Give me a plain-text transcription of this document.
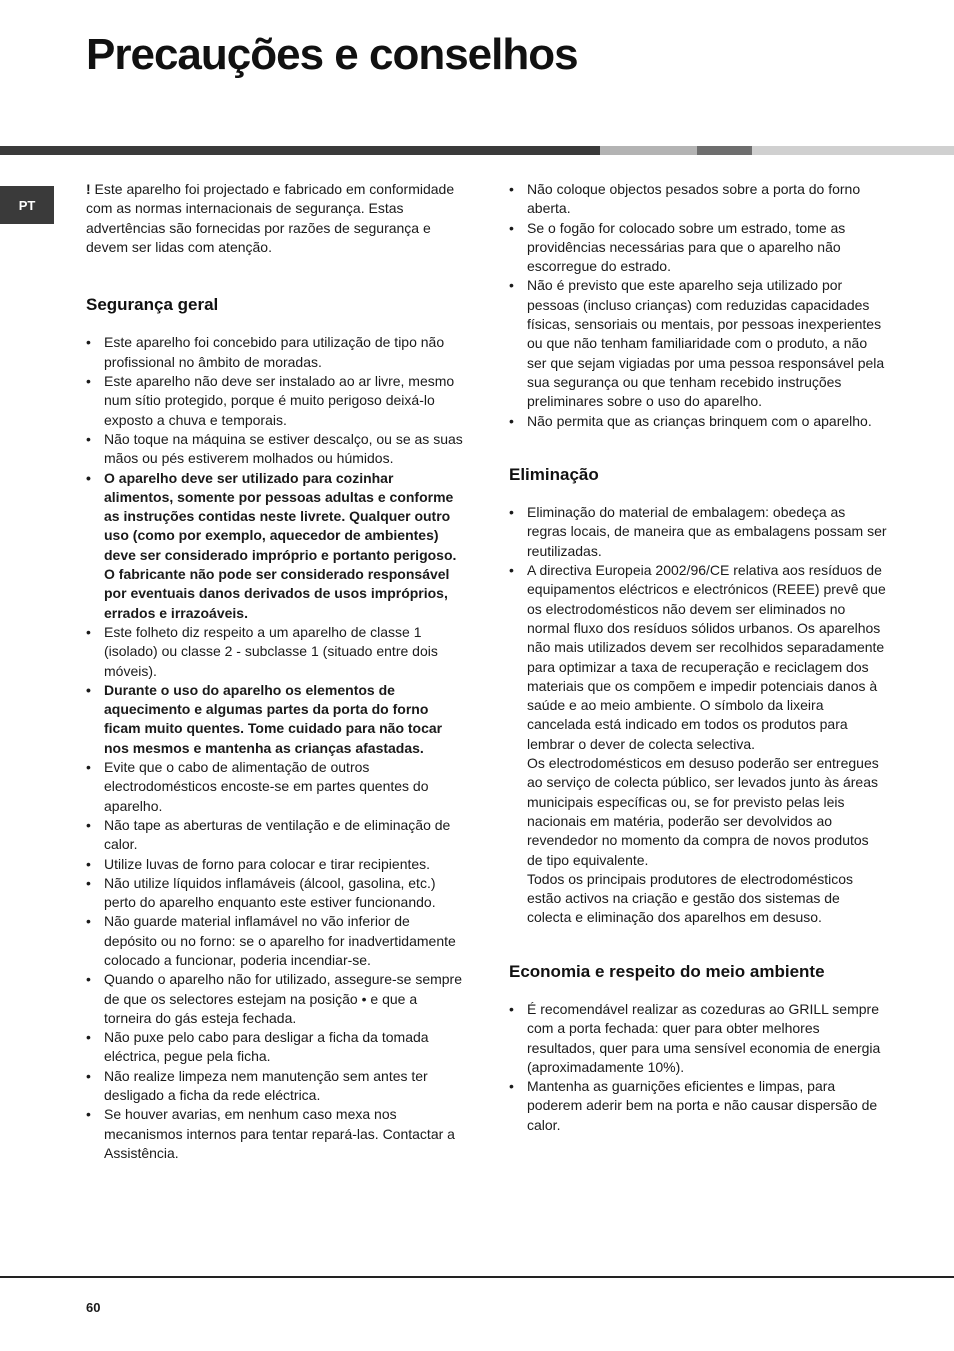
Precauções e conselhos
PT

! Este aparelho foi projectado e fabricado em conformidade com as normas internacionais de segurança. Estas advertências são fornecidas por razões de segurança e devem ser lidas com atenção.

Segurança geral
• Este aparelho foi concebido para utilização de tipo não profissional no âmbito de moradas.
• Este aparelho não deve ser instalado ao ar livre, mesmo num sítio protegido, porque é muito perigoso deixá-lo exposto a chuva e temporais.
• Não toque na máquina se estiver descalço, ou se as suas mãos ou pés estiverem molhados ou húmidos.
• O aparelho deve ser utilizado para cozinhar alimentos, somente por pessoas adultas e conforme as instruções contidas neste livrete. Qualquer outro uso (como por exemplo, aquecedor de ambientes) deve ser considerado impróprio e portanto perigoso. O fabricante não pode ser considerado responsável por eventuais danos derivados de usos impróprios, errados e irrazoáveis.
• Este folheto diz respeito a um aparelho de classe 1 (isolado) ou classe 2 - subclasse 1 (situado entre dois móveis).
• Durante o uso do aparelho os elementos de aquecimento e algumas partes da porta do forno ficam muito quentes. Tome cuidado para não tocar nos mesmos e mantenha as crianças afastadas.
• Evite que o cabo de alimentação de outros electrodomésticos encoste-se em partes quentes do aparelho.
• Não tape as aberturas de ventilação e de eliminação de calor.
• Utilize luvas de forno para colocar e tirar recipientes.
• Não utilize líquidos inflamáveis (álcool, gasolina, etc.) perto do aparelho enquanto este estiver funcionando.
• Não guarde material inflamável no vão inferior de depósito ou no forno: se o aparelho for inadvertidamente colocado a funcionar, poderia incendiar-se.
• Quando o aparelho não for utilizado, assegure-se sempre de que os selectores estejam na posição • e que a torneira do gás esteja fechada.
• Não puxe pelo cabo para desligar a ficha da tomada eléctrica, pegue pela ficha.
• Não realize limpeza nem manutenção sem antes ter desligado a ficha da rede eléctrica.
• Se houver avarias, em nenhum caso mexa nos mecanismos internos para tentar repará-las. Contactar a Assistência.
• Não coloque objectos pesados sobre a porta do forno aberta.
• Se o fogão for colocado sobre um estrado, tome as providências necessárias para que o aparelho não escorregue do estrado.
• Não é previsto que este aparelho seja utilizado por pessoas (incluso crianças) com reduzidas capacidades físicas, sensoriais ou mentais, por pessoas inexperientes ou que não tenham familiaridade com o produto, a não ser que sejam vigiadas por uma pessoa responsável pela sua segurança ou que tenham recebido instruções preliminares sobre o uso do aparelho.
• Não permita que as crianças brinquem com o aparelho.
Eliminação
• Eliminação do material de embalagem: obedeça as regras locais, de maneira que as embalagens possam ser reutilizadas.
• A directiva Europeia 2002/96/CE relativa aos resíduos de equipamentos eléctricos e electrónicos (REEE) prevê que os electrodomésticos não devem ser eliminados no normal fluxo dos resíduos sólidos urbanos. Os aparelhos não mais utilizados devem ser recolhidos separadamente para optimizar a taxa de recuperação e reciclagem dos materiais que os compõem e impedir potenciais danos à saúde e ao meio ambiente. O símbolo da lixeira cancelada está indicado em todos os produtos para lembrar o dever de colecta selectiva.

Os electrodomésticos em desuso poderão ser entregues ao serviço de colecta público, ser levados junto às áreas municipais específicas ou, se for previsto pelas leis nacionais em matéria, poderão ser devolvidos ao revendedor no momento da compra de novos produtos de tipo equivalente.

Todos os principais produtores de electrodomésticos estão activos na criação e gestão dos sistemas de colecta e eliminação dos aparelhos em desuso.

Economia e respeito do meio ambiente
• É recomendável realizar as cozeduras ao GRILL sempre com a porta fechada: quer para obter melhores resultados, quer para uma sensível economia de energia (aproximadamente 10%).
• Mantenha as guarnições eficientes e limpas, para poderem aderir bem na porta e não causar dispersão de calor.
60
